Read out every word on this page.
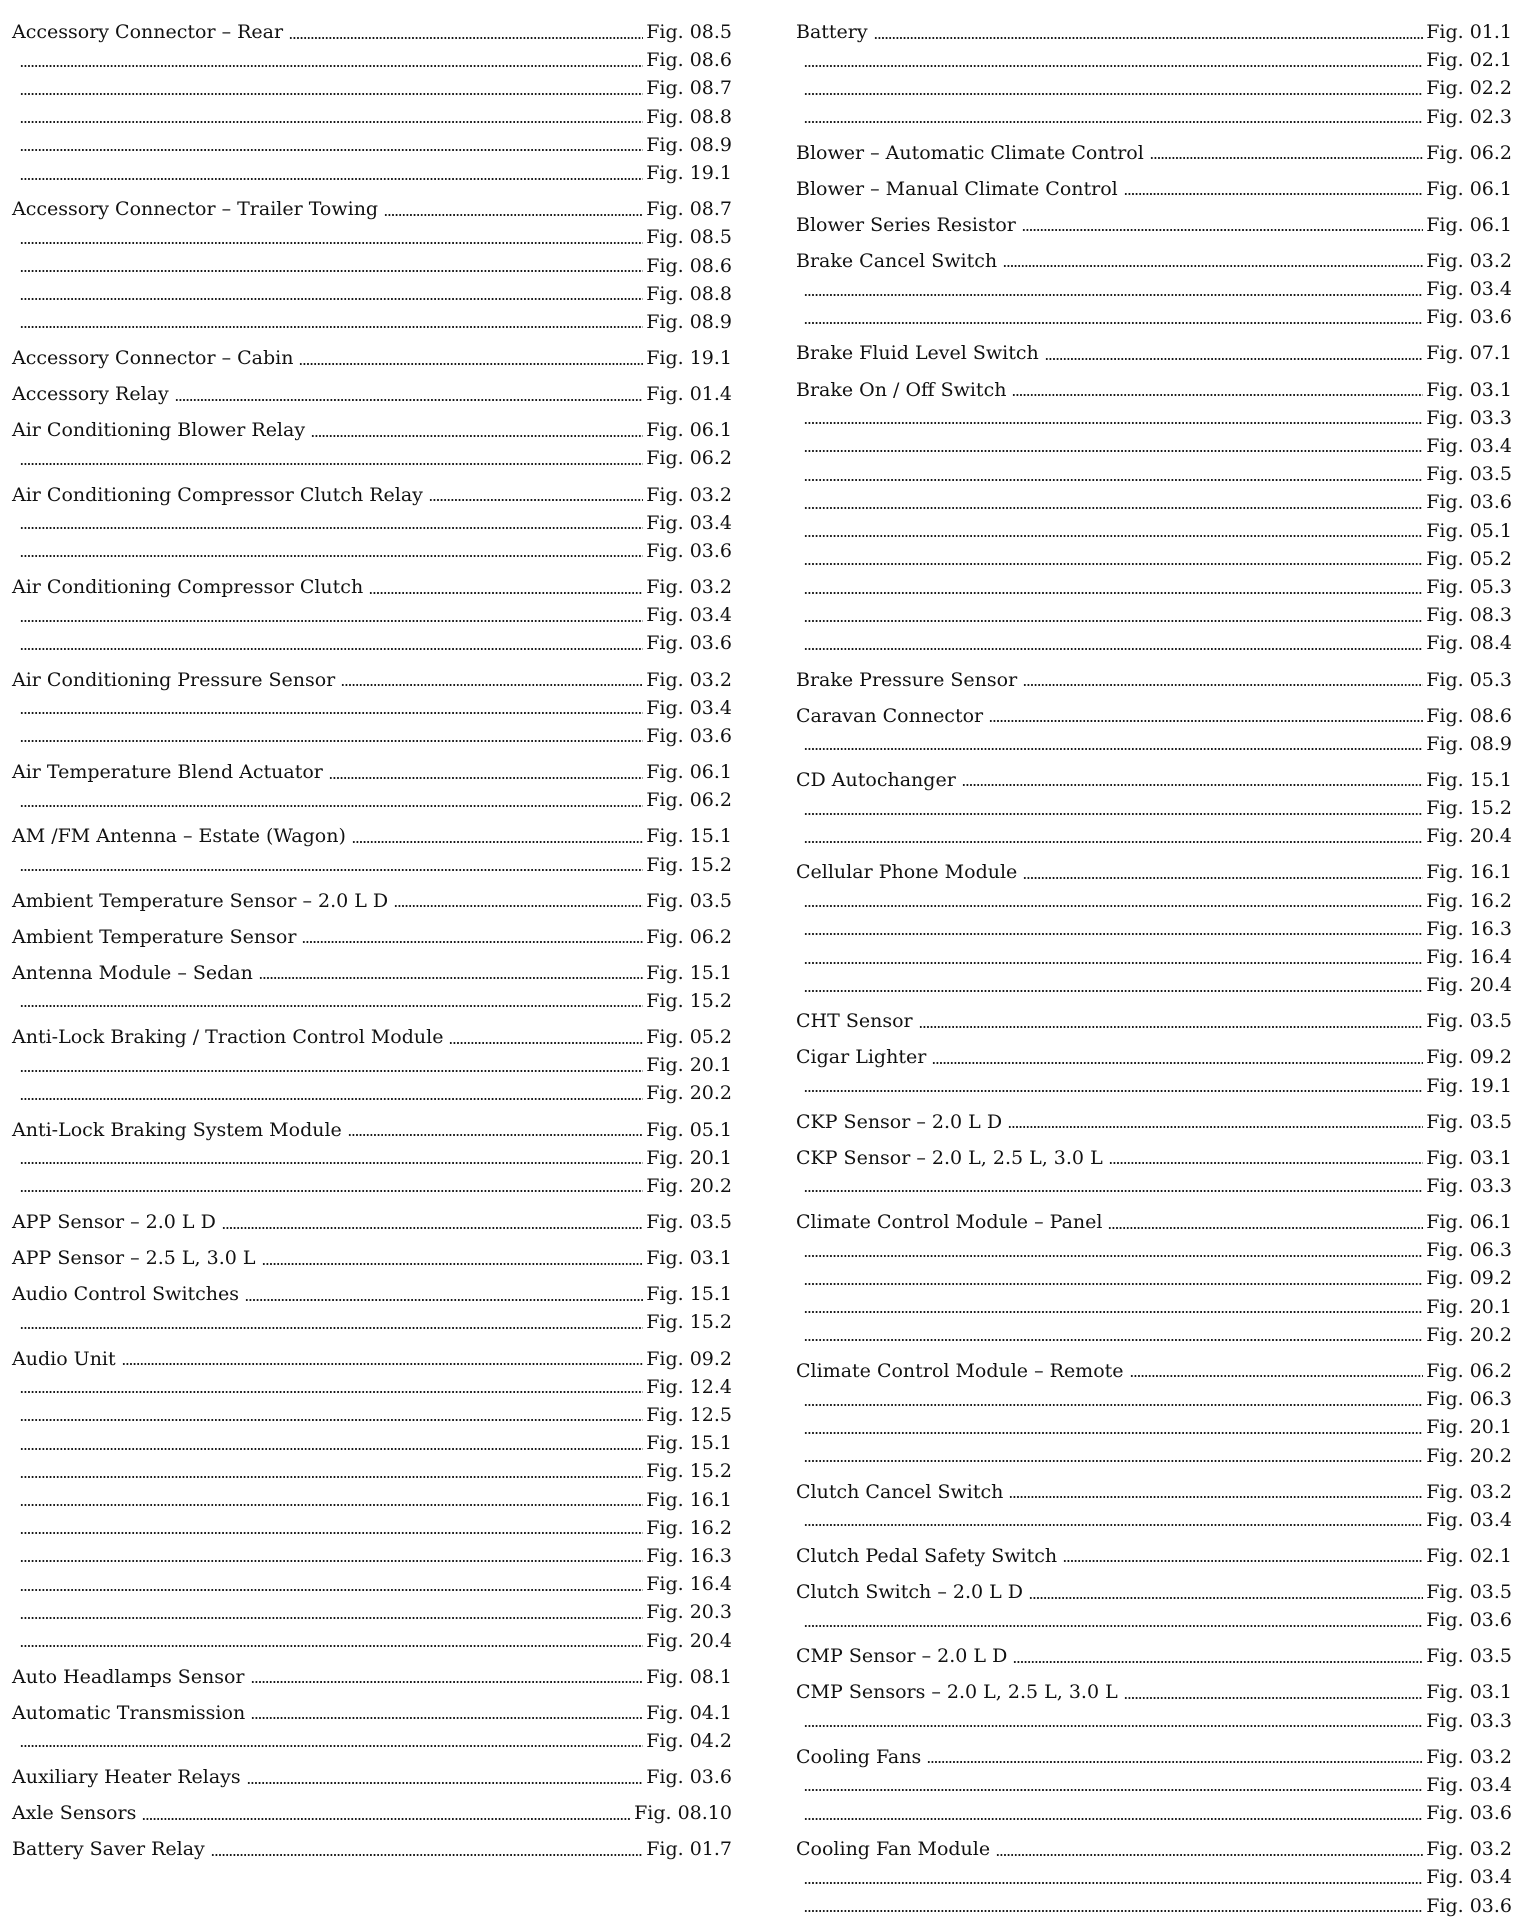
Accessory Connector – Rear	Fig. 08.5
Fig. 08.6
Fig. 08.7
Fig. 08.8
Fig. 08.9
Fig. 19.1
Accessory Connector – Trailer Towing	Fig. 08.7
Fig. 08.5
Fig. 08.6
Fig. 08.8
Fig. 08.9
Accessory Connector – Cabin	Fig. 19.1
Accessory Relay	Fig. 01.4
Air Conditioning Blower Relay	Fig. 06.1
Fig. 06.2
Air Conditioning Compressor Clutch Relay	Fig. 03.2
Fig. 03.4
Fig. 03.6
Air Conditioning Compressor Clutch	Fig. 03.2
Fig. 03.4
Fig. 03.6
Air Conditioning Pressure Sensor	Fig. 03.2
Fig. 03.4
Fig. 03.6
Air Temperature Blend Actuator	Fig. 06.1
Fig. 06.2
AM /FM Antenna – Estate (Wagon)	Fig. 15.1
Fig. 15.2
Ambient Temperature Sensor – 2.0 L D	Fig. 03.5
Ambient Temperature Sensor	Fig. 06.2
Antenna Module – Sedan	Fig. 15.1
Fig. 15.2
Anti-Lock Braking / Traction Control Module	Fig. 05.2
Fig. 20.1
Fig. 20.2
Anti-Lock Braking System Module	Fig. 05.1
Fig. 20.1
Fig. 20.2
APP Sensor – 2.0 L D	Fig. 03.5
APP Sensor – 2.5 L, 3.0 L	Fig. 03.1
Audio Control Switches	Fig. 15.1
Fig. 15.2
Audio Unit	Fig. 09.2
Fig. 12.4
Fig. 12.5
Fig. 15.1
Fig. 15.2
Fig. 16.1
Fig. 16.2
Fig. 16.3
Fig. 16.4
Fig. 20.3
Fig. 20.4
Auto Headlamps Sensor	Fig. 08.1
Automatic Transmission	Fig. 04.1
Fig. 04.2
Auxiliary Heater Relays	Fig. 03.6
Axle Sensors	Fig. 08.10
Battery Saver Relay	Fig. 01.7
Battery	Fig. 01.1
Fig. 02.1
Fig. 02.2
Fig. 02.3
Blower – Automatic Climate Control	Fig. 06.2
Blower – Manual Climate Control	Fig. 06.1
Blower Series Resistor	Fig. 06.1
Brake Cancel Switch	Fig. 03.2
Fig. 03.4
Fig. 03.6
Brake Fluid Level Switch	Fig. 07.1
Brake On / Off Switch	Fig. 03.1
Fig. 03.3
Fig. 03.4
Fig. 03.5
Fig. 03.6
Fig. 05.1
Fig. 05.2
Fig. 05.3
Fig. 08.3
Fig. 08.4
Brake Pressure Sensor	Fig. 05.3
Caravan Connector	Fig. 08.6
Fig. 08.9
CD Autochanger	Fig. 15.1
Fig. 15.2
Fig. 20.4
Cellular Phone Module	Fig. 16.1
Fig. 16.2
Fig. 16.3
Fig. 16.4
Fig. 20.4
CHT Sensor	Fig. 03.5
Cigar Lighter	Fig. 09.2
Fig. 19.1
CKP Sensor – 2.0 L D	Fig. 03.5
CKP Sensor – 2.0 L, 2.5 L, 3.0 L	Fig. 03.1
Fig. 03.3
Climate Control Module – Panel	Fig. 06.1
Fig. 06.3
Fig. 09.2
Fig. 20.1
Fig. 20.2
Climate Control Module – Remote	Fig. 06.2
Fig. 06.3
Fig. 20.1
Fig. 20.2
Clutch Cancel Switch	Fig. 03.2
Fig. 03.4
Clutch Pedal Safety Switch	Fig. 02.1
Clutch Switch – 2.0 L D	Fig. 03.5
Fig. 03.6
CMP Sensor – 2.0 L D	Fig. 03.5
CMP Sensors – 2.0 L, 2.5 L, 3.0 L	Fig. 03.1
Fig. 03.3
Cooling Fans	Fig. 03.2
Fig. 03.4
Fig. 03.6
Cooling Fan Module	Fig. 03.2
Fig. 03.4
Fig. 03.6
